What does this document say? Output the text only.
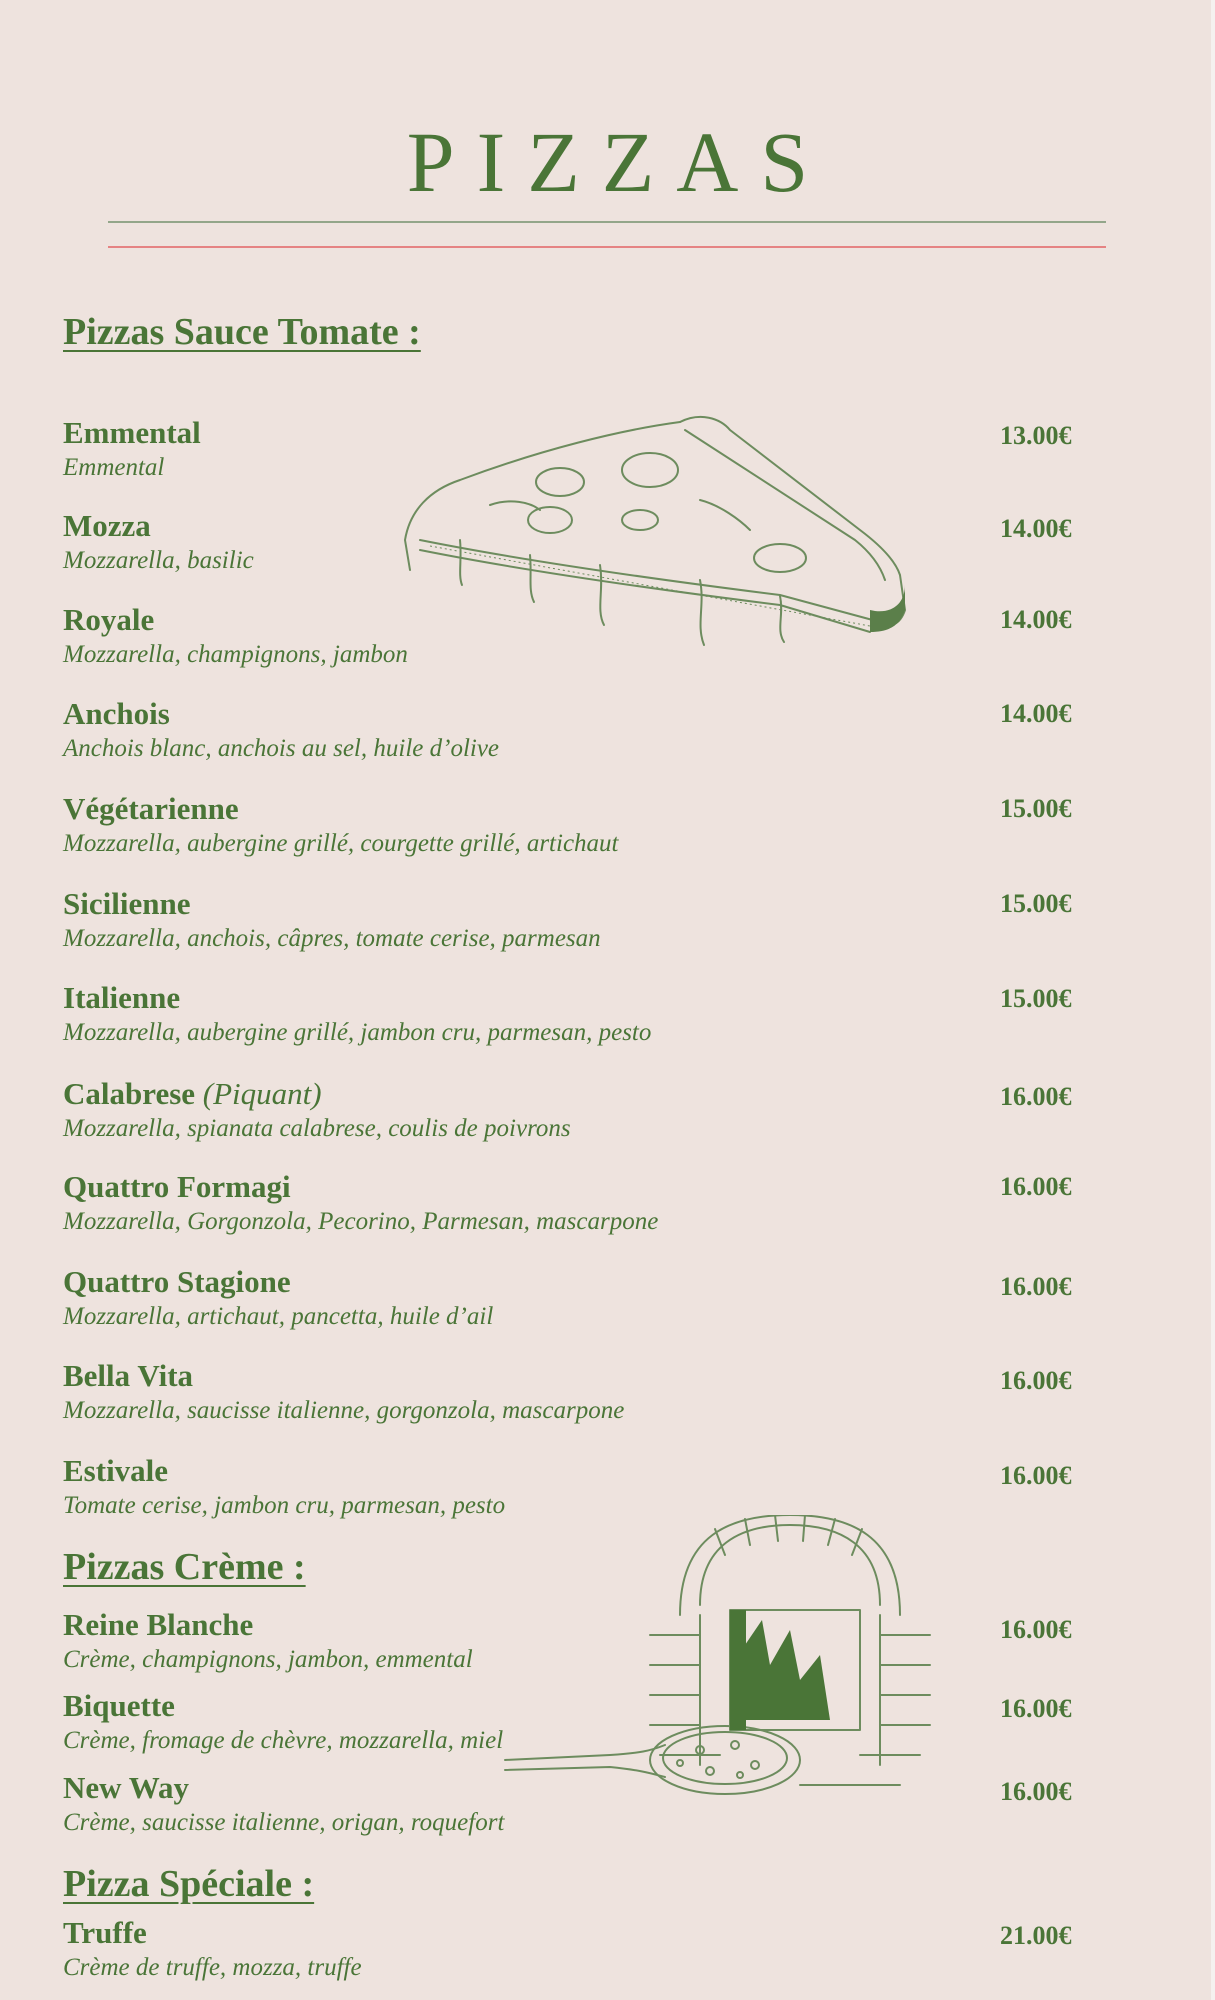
PIZZAS
Pizzas Sauce Tomate :
Emmental
Emmental
13.00€
Mozza
Mozzarella, basilic
14.00€
Royale
Mozzarella, champignons, jambon
14.00€
Anchois
Anchois blanc, anchois au sel, huile d’olive
14.00€
Végétarienne
Mozzarella, aubergine grillé, courgette grillé, artichaut
15.00€
Sicilienne
Mozzarella, anchois, câpres, tomate cerise, parmesan
15.00€
Italienne
Mozzarella, aubergine grillé, jambon cru, parmesan, pesto
15.00€
Calabrese (Piquant)
Mozzarella, spianata calabrese, coulis de poivrons
16.00€
Quattro Formagi
Mozzarella, Gorgonzola, Pecorino, Parmesan, mascarpone
16.00€
Quattro Stagione
Mozzarella, artichaut, pancetta, huile d’ail
16.00€
Bella Vita
Mozzarella, saucisse italienne, gorgonzola, mascarpone
16.00€
Estivale
Tomate cerise, jambon cru, parmesan, pesto
16.00€
Pizzas Crème :
Reine Blanche
Crème, champignons, jambon, emmental
16.00€
Biquette
Crème, fromage de chèvre, mozzarella, miel
16.00€
New Way
Crème, saucisse italienne, origan, roquefort
16.00€
Pizza Spéciale :
Truffe
Crème de truffe, mozza, truffe
21.00€
